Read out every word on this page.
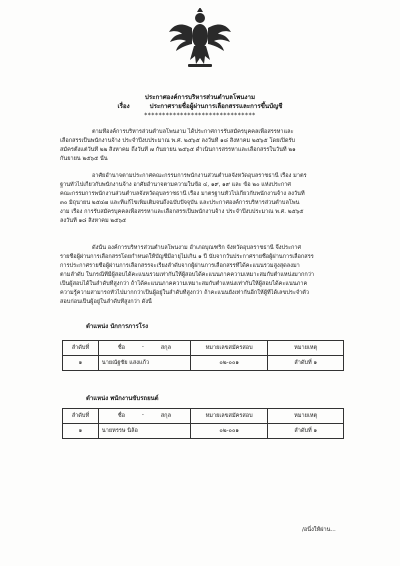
ประกาศองค์การบริหารส่วนตำบลโพนงาม
เรื่อง	ประกาศรายชื่อผู้ผ่านการเลือกสรรและการขึ้นบัญชี
*******************************
ตามที่องค์การบริหารส่วนตำบลโพนงาม ได้ประกาศการรับสมัครบุคคลเพื่อสรรหาและ
เลือกสรรเป็นพนักงานจ้าง ประจำปีงบประมาณ พ.ศ. ๒๕๖๕ ลงวันที่ ๑๘ สิงหาคม ๒๕๖๕ โดยเปิดรับ
สมัครตั้งแต่วันที่ ๒๒ สิงหาคม ถึงวันที่ ๗ กันยายน ๒๕๖๕ ดำเนินการสรรหาและเลือกสรรในวันที่ ๒๑
กันยายน ๒๕๖๕ นั้น
อาศัยอำนาจตามประกาศคณะกรรมการพนักงานส่วนตำบลจังหวัดอุบลราชธานี เรื่อง มาตร
ฐานทั่วไปเกี่ยวกับพนักงานจ้าง อาศัยอำนาจตามความในข้อ ๔, ๑๙, ๑๙ และ ข้อ ๒๐ แห่งประกาศ
คณะกรรมการพนักงานส่วนตำบลจังหวัดอุบลราชธานี เรื่อง มาตรฐานทั่วไปเกี่ยวกับพนักงานจ้าง ลงวันที่
๓๐ มิถุนายน ๒๕๔๗ และที่แก้ไขเพิ่มเติมจนถึงฉบับปัจจุบัน และประกาศองค์การบริหารส่วนตำบลโพน
งาม เรื่อง การรับสมัครบุคคลเพื่อสรรหาและเลือกสรรเป็นพนักงานจ้าง ประจำปีงบประมาณ พ.ศ. ๒๕๖๕
ลงวันที่ ๑๘ สิงหาคม ๒๕๖๕
ดังนั้น องค์การบริหารส่วนตำบลโพนงาม อำเภอบุณฑริก จังหวัดอุบลราชธานี จึงประกาศ
รายชื่อผู้ผ่านการเลือกสรรโดยกำหนดให้บัญชีมีอายุไม่เกิน ๑ ปี นับจากวันประกาศรายชื่อผู้ผ่านการเลือกสรร
การประกาศรายชื่อผู้ผ่านการเลือกสรรจะเรียงลำดับจากผู้ผ่านการเลือกสรรที่ได้คะแนนรวมสูงสุดลงมา
ตามลำดับ ในกรณีที่มีผู้สอบได้คะแนนรวมเท่ากันให้ผู้สอบได้คะแนนภาคความเหมาะสมกับตำแหน่งมากกว่า
เป็นผู้สอบได้ในลำดับที่สูงกว่า ถ้าได้คะแนนภาคความเหมาะสมกับตำแหน่งเท่ากันให้ผู้สอบได้คะแนนภาค
ความรู้ความสามารถทั่วไปมากกว่าเป็นผู้อยู่ในลำดับที่สูงกว่า ถ้าคะแนนยังเท่ากันอีกให้ผู้ที่ได้เลขประจำตัว
สอบก่อนเป็นผู้อยู่ในลำดับที่สูงกว่า ดังนี้
ตำแหน่ง นักการภารโรง
ลำดับที่	ชื่อ - สกุล	หมายเลขสมัครสอบ	หมายเหตุ
๑	นายณัฐชัย แสงแก้ว	๐๒-๐๐๑	ลำดับที่ ๑
ตำแหน่ง พนักงานขับรถยนต์
ลำดับที่	ชื่อ - สกุล	หมายเลขสมัครสอบ	หมายเหตุ
๑	นายหรรษ นิล้อ	๐๒-๐๐๑	ลำดับที่ ๑
/อนึ่งให้ผ่าน...
